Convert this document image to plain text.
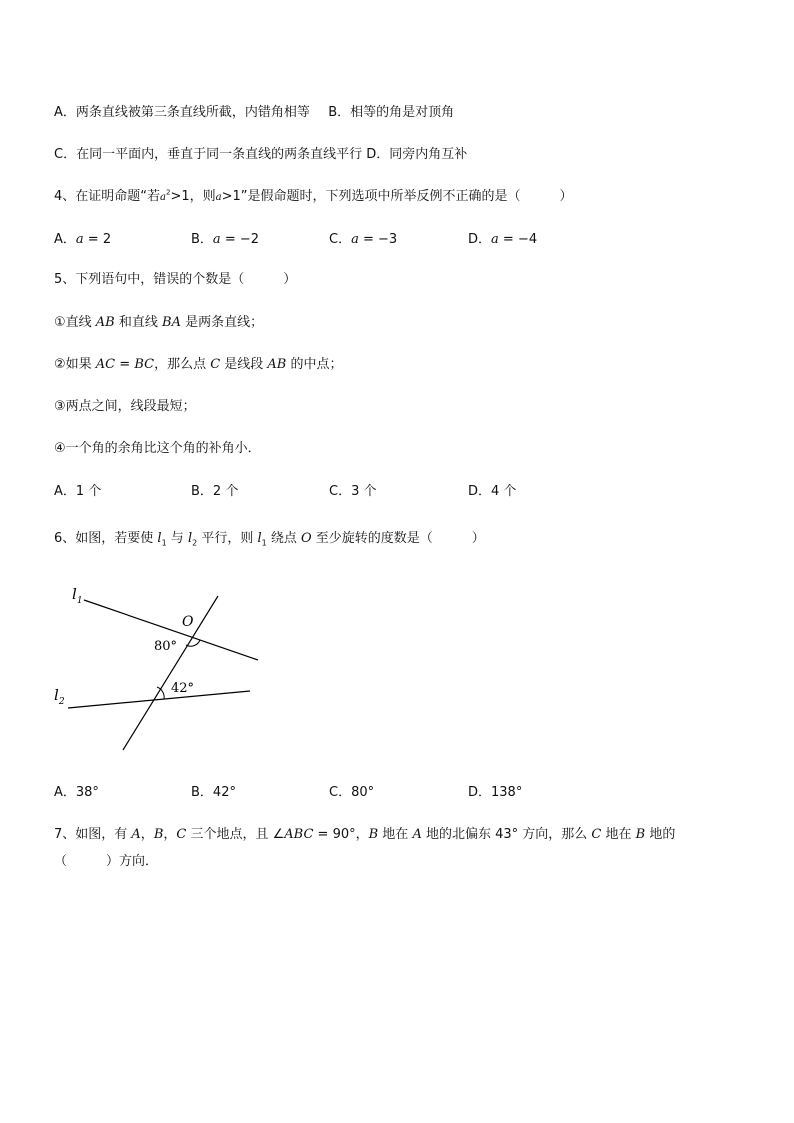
A．两条直线被第三条直线所截，内错角相等 B．相等的角是对顶角
C．在同一平面内，垂直于同一条直线的两条直线平行 D．同旁内角互补
4、在证明命题“若$a^2>1$，则a>1”是假命题时，下列选项中所举反例不正确的是（　　　）
A．a = 2	B．a = −2	C．a = −3	D．a = −4
5、下列语句中，错误的个数是（　　　）
①直线 AB 和直线 BA 是两条直线；
②如果 AC = BC，那么点 C 是线段 AB 的中点；
③两点之间，线段最短；
④一个角的余角比这个角的补角小．
A．1 个	B．2 个	C．3 个	D．4 个
6、如图，若要使 $l_1$ 与 $l_2$ 平行，则 $l_1$ 绕点 O 至少旋转的度数是（　　　）
$l_1$
$l_2$
O
80°
42°
A．38°	B．42°	C．80°	D．138°
7、如图，有 A，B，C 三个地点，且 ∠ABC = 90°，B 地在 A 地的北偏东 43° 方向，那么 C 地在 B 地的
（　　　）方向．
